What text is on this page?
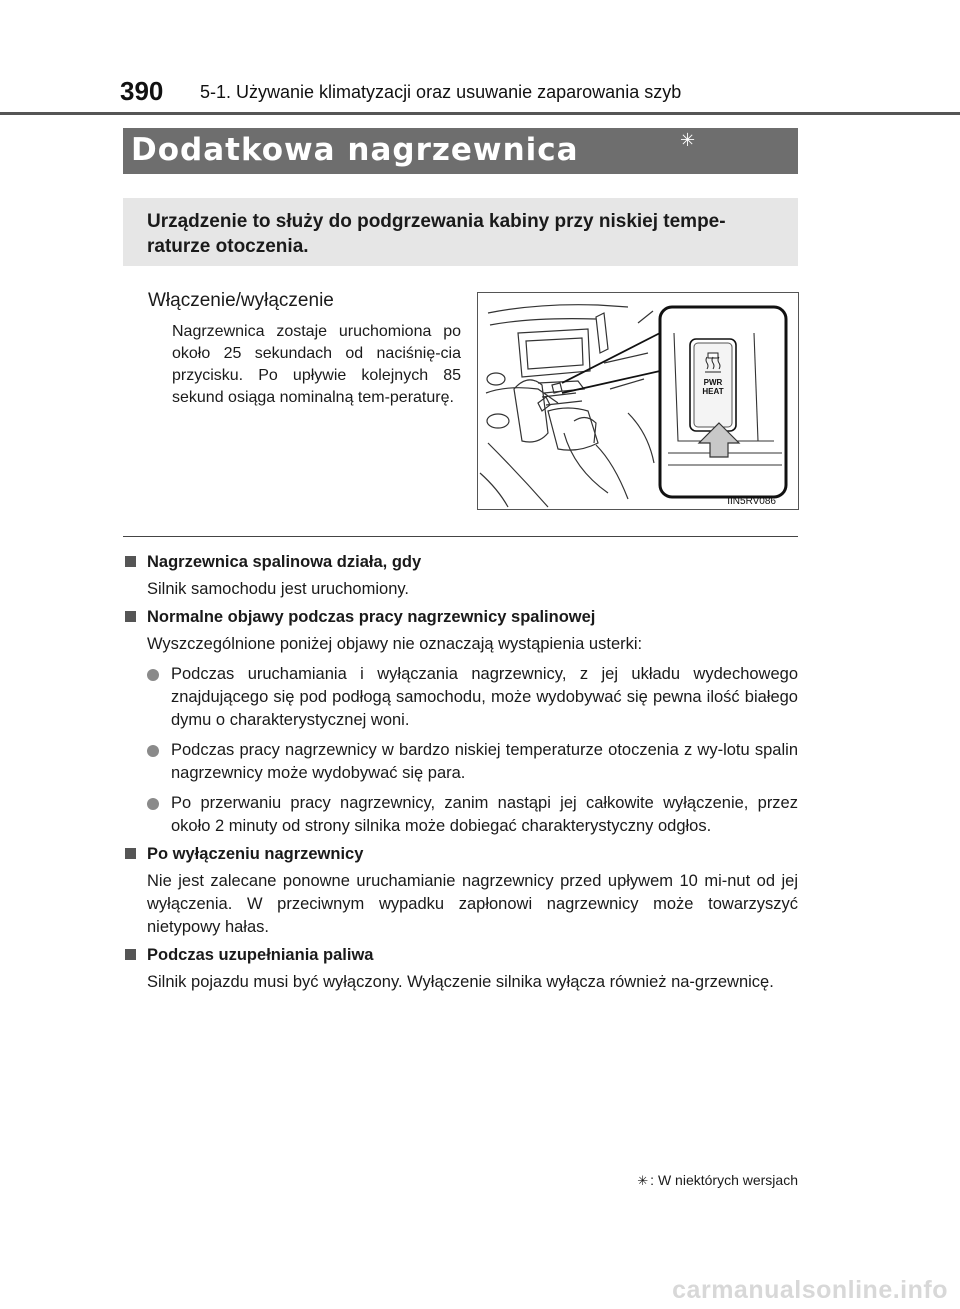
390 5-1. Używanie klimatyzacji oraz usuwanie zaparowania szyb
Dodatkowa nagrzewnica	✳
Urządzenie to służy do podgrzewania kabiny przy niskiej tempe-raturze otoczenia.
Włączenie/wyłączenie
Nagrzewnica zostaje uruchomiona po około 25 sekundach od naciśnię-cia przycisku. Po upływie kolejnych 85 sekund osiąga nominalną tem-peraturę.
PWR
HEAT
IIN5RV086
Nagrzewnica spalinowa działa, gdy
Silnik samochodu jest uruchomiony.
Normalne objawy podczas pracy nagrzewnicy spalinowej
Wyszczególnione poniżej objawy nie oznaczają wystąpienia usterki:
Podczas uruchamiania i wyłączania nagrzewnicy, z jej układu wydechowego znajdującego się pod podłogą samochodu, może wydobywać się pewna ilość białego dymu o charakterystycznej woni.
Podczas pracy nagrzewnicy w bardzo niskiej temperaturze otoczenia z wy-lotu spalin nagrzewnicy może wydobywać się para.
Po przerwaniu pracy nagrzewnicy, zanim nastąpi jej całkowite wyłączenie, przez około 2 minuty od strony silnika może dobiegać charakterystyczny odgłos.
Po wyłączeniu nagrzewnicy
Nie jest zalecane ponowne uruchamianie nagrzewnicy przed upływem 10 mi-nut od jej wyłączenia. W przeciwnym wypadku zapłonowi nagrzewnicy może towarzyszyć nietypowy hałas.
Podczas uzupełniania paliwa
Silnik pojazdu musi być wyłączony. Wyłączenie silnika wyłącza również na-grzewnicę.
✳ : W niektórych wersjach
carmanualsonline.info
